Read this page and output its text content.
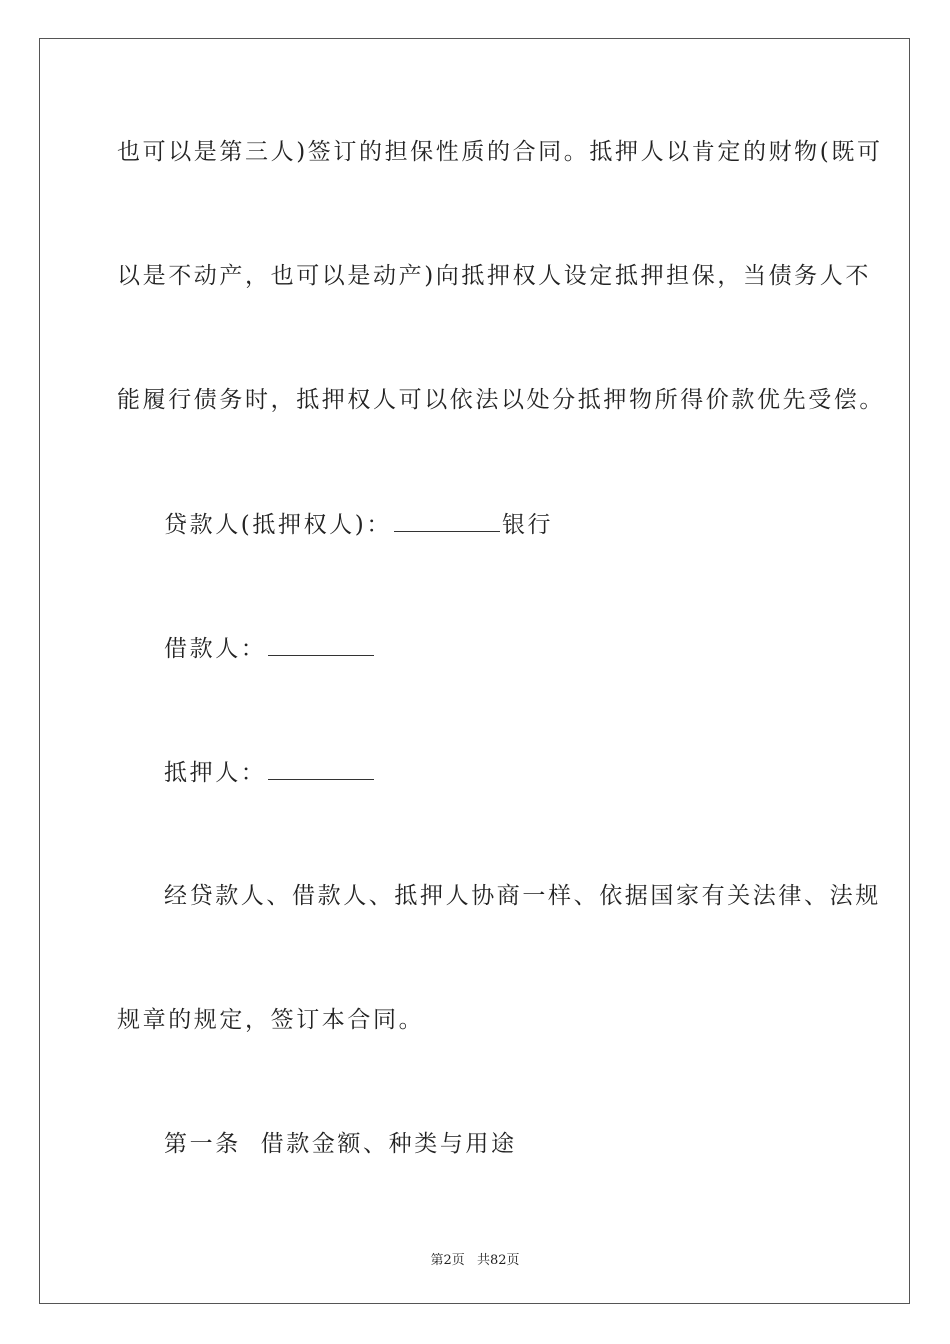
也可以是第三人)签订的担保性质的合同。抵押人以肯定的财物(既可
以是不动产，也可以是动产)向抵押权人设定抵押担保，当债务人不
能履行债务时，抵押权人可以依法以处分抵押物所得价款优先受偿。
贷款人(抵押权人)：	银行
借款人：
抵押人：
经贷款人、借款人、抵押人协商一样、依据国家有关法律、法规
规章的规定，签订本合同。
第一条  借款金额、种类与用途
第2页 共82页
